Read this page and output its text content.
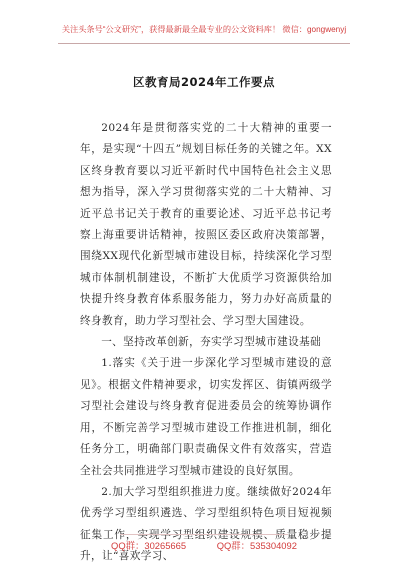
关注头条号“公文研究”，获得最新最全最专业的公文资料库！ 微信：gongwenyj
区教育局2024年工作要点

2024年是贯彻落实党的二十大精神的重要一年，是实现“十四五”规划目标任务的关键之年。XX区终身教育要以习近平新时代中国特色社会主义思想为指导，深入学习贯彻落实党的二十大精神、习近平总书记关于教育的重要论述、习近平总书记考察上海重要讲话精神，按照区委区政府决策部署，围绕XX现代化新型城市建设目标，持续深化学习型城市体制机制建设，不断扩大优质学习资源供给加快提升终身教育体系服务能力，努力办好高质量的终身教育，助力学习型社会、学习型大国建设。

一、坚持改革创新，夯实学习型城市建设基础

1.落实《关于进一步深化学习型城市建设的意见》。根据文件精神要求，切实发挥区、街镇两级学习型社会建设与终身教育促进委员会的统筹协调作用，不断完善学习型城市建设工作推进机制，细化任务分工，明确部门职责确保文件有效落实，营造全社会共同推进学习型城市建设的良好氛围。

2.加大学习型组织推进力度。继续做好2024年优秀学习型组织遴选、学习型组织特色项目短视频征集工作，实现学习型组织建设规模、质量稳步提升，让“喜欢学习、

QQ群：30265665	QQ群：535304092
